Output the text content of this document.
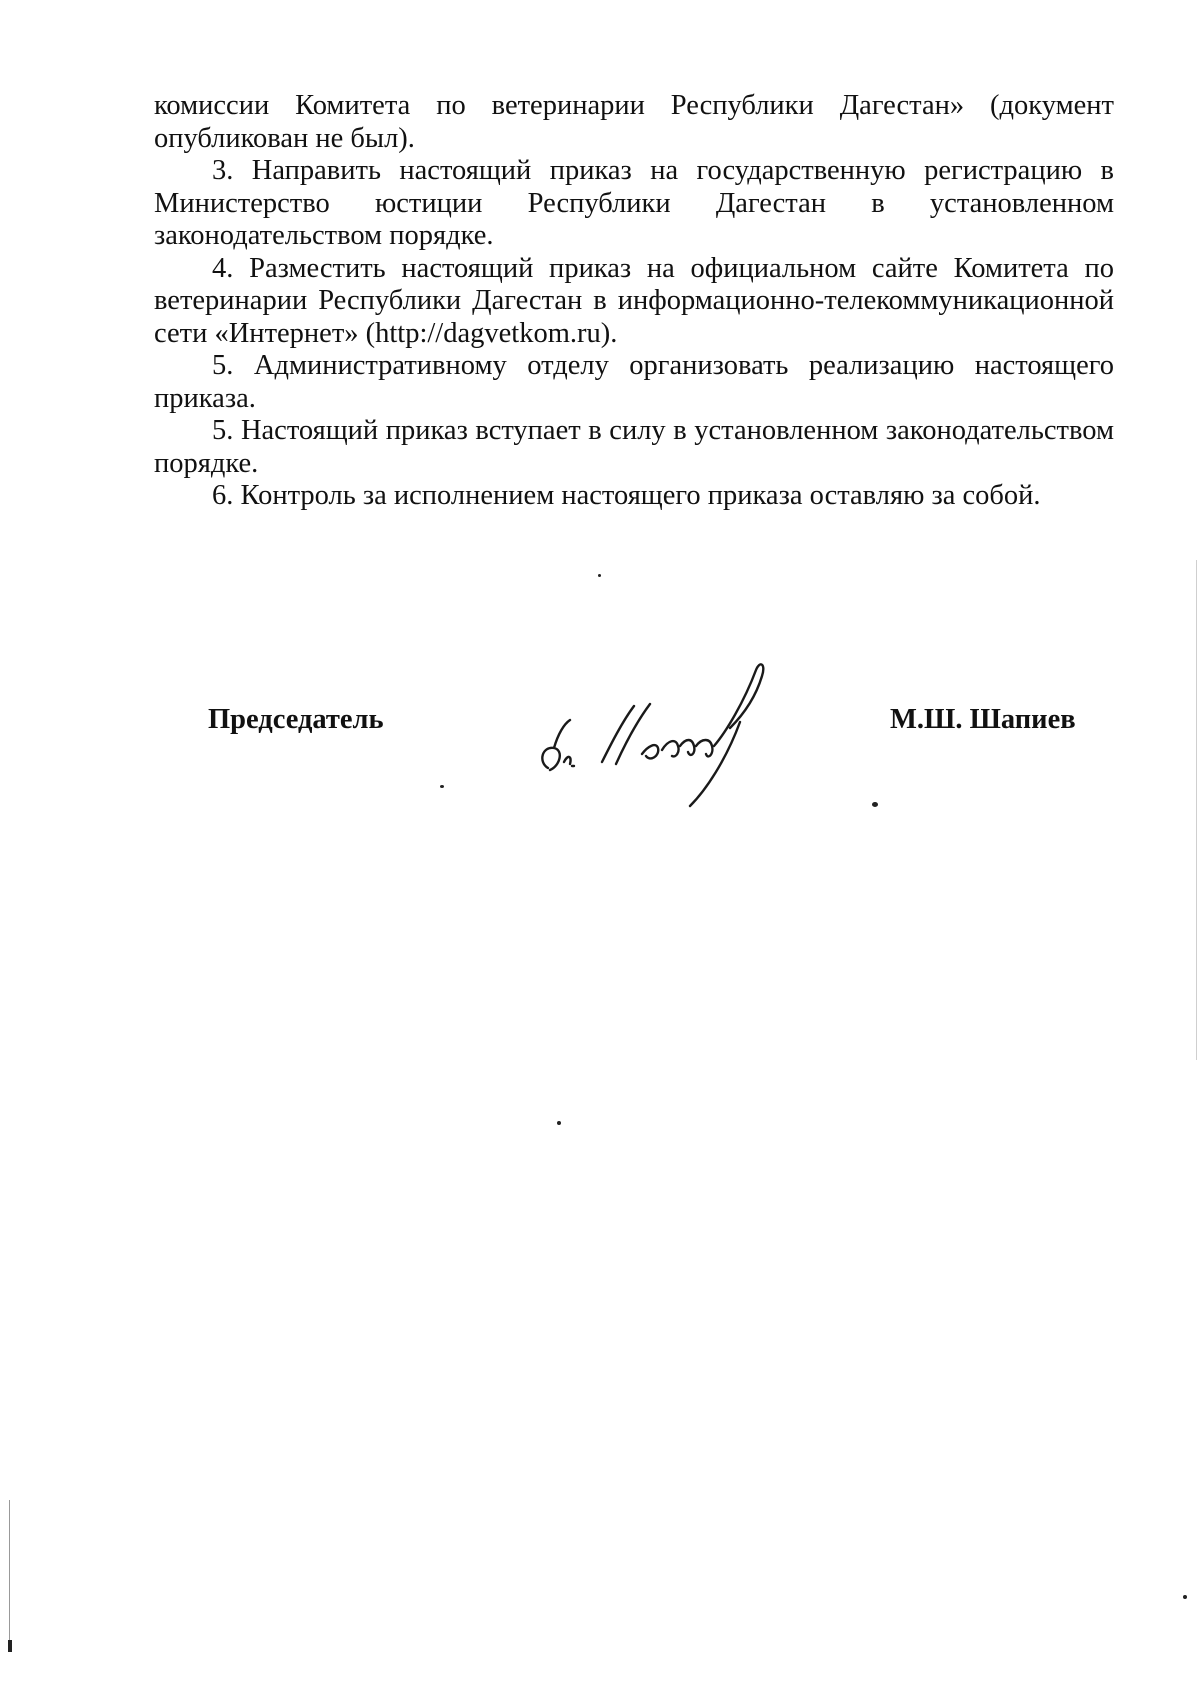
комиссии Комитета по ветеринарии Республики Дагестан» (документ опубликован не был).

3. Направить настоящий приказ на государственную регистрацию в Министерство юстиции Республики Дагестан в установленном законодательством порядке.

4. Разместить настоящий приказ на официальном сайте Комитета по ветеринарии Республики Дагестан в информационно-телекоммуникационной сети «Интернет» (http://dagvetkom.ru).

5. Административному отделу организовать реализацию настоящего приказа.

5. Настоящий приказ вступает в силу в установленном законодательством порядке.

6. Контроль за исполнением настоящего приказа оставляю за собой.

Председатель	М.Ш. Шапиев
